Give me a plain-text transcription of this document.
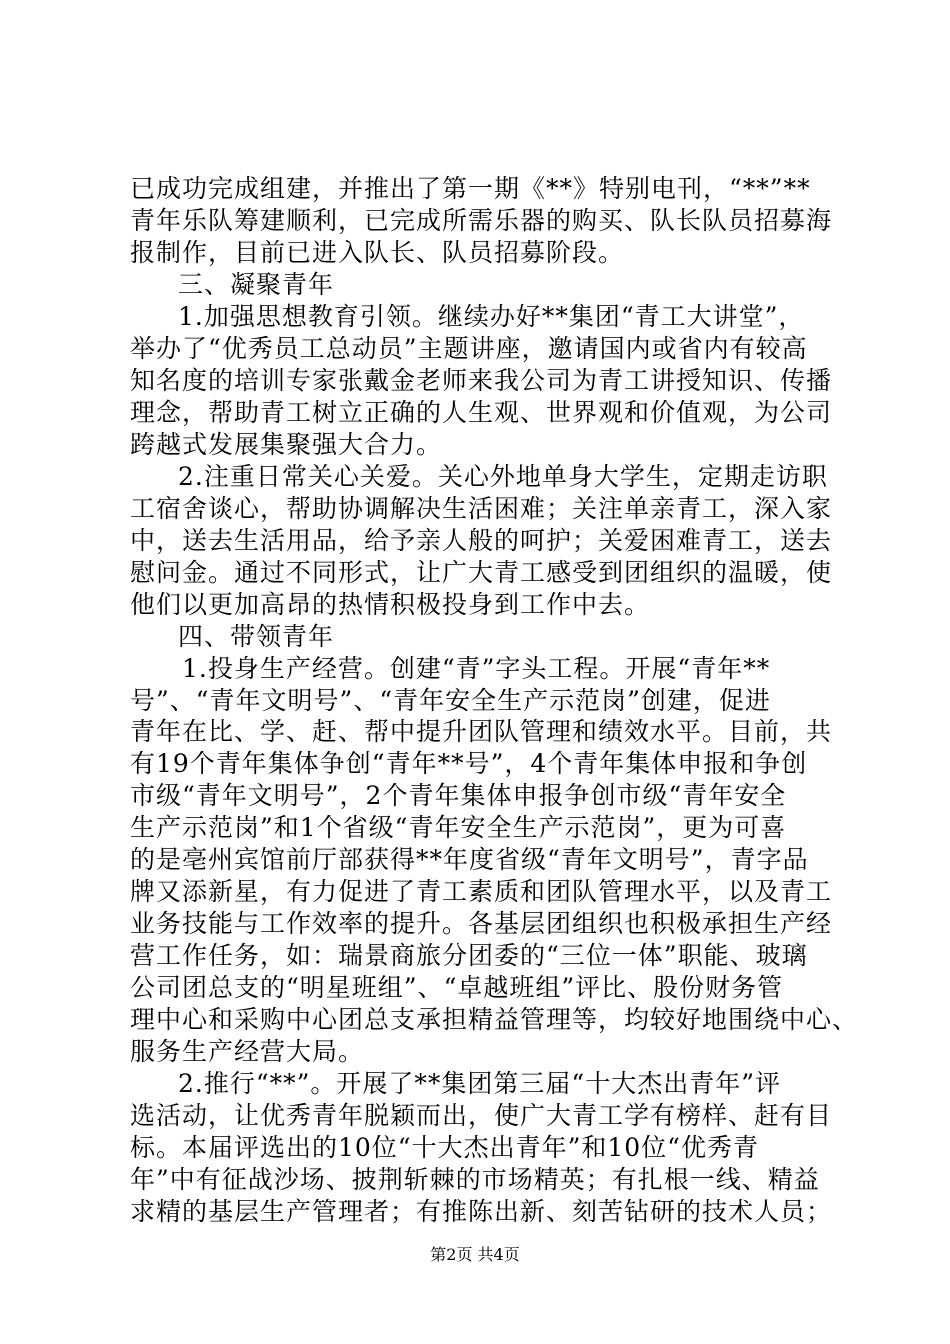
已成功完成组建，并推出了第一期《**》特别电刊，“**”**
青年乐队筹建顺利，已完成所需乐器的购买、队长队员招募海
报制作，目前已进入队长、队员招募阶段。
三、凝聚青年
1.加强思想教育引领。继续办好**集团“青工大讲堂”，
举办了“优秀员工总动员”主题讲座，邀请国内或省内有较高
知名度的培训专家张戴金老师来我公司为青工讲授知识、传播
理念，帮助青工树立正确的人生观、世界观和价值观，为公司
跨越式发展集聚强大合力。
2.注重日常关心关爱。关心外地单身大学生，定期走访职
工宿舍谈心，帮助协调解决生活困难；关注单亲青工，深入家
中，送去生活用品，给予亲人般的呵护；关爱困难青工，送去
慰问金。通过不同形式，让广大青工感受到团组织的温暖，使
他们以更加高昂的热情积极投身到工作中去。
四、带领青年
1.投身生产经营。创建“青”字头工程。开展“青年**
号”、“青年文明号”、“青年安全生产示范岗”创建，促进
青年在比、学、赶、帮中提升团队管理和绩效水平。目前，共
有19个青年集体争创“青年**号”，4个青年集体申报和争创
市级“青年文明号”，2个青年集体申报争创市级“青年安全
生产示范岗”和1个省级“青年安全生产示范岗”，更为可喜
的是亳州宾馆前厅部获得**年度省级“青年文明号”，青字品
牌又添新星，有力促进了青工素质和团队管理水平，以及青工
业务技能与工作效率的提升。各基层团组织也积极承担生产经
营工作任务，如：瑞景商旅分团委的“三位一体”职能、玻璃
公司团总支的“明星班组”、“卓越班组”评比、股份财务管
理中心和采购中心团总支承担精益管理等，均较好地围绕中心、
服务生产经营大局。
2.推行“**”。开展了**集团第三届“十大杰出青年”评
选活动，让优秀青年脱颖而出，使广大青工学有榜样、赶有目
标。本届评选出的10位“十大杰出青年”和10位“优秀青
年”中有征战沙场、披荆斩棘的市场精英；有扎根一线、精益
求精的基层生产管理者；有推陈出新、刻苦钻研的技术人员；
第2页 共4页
